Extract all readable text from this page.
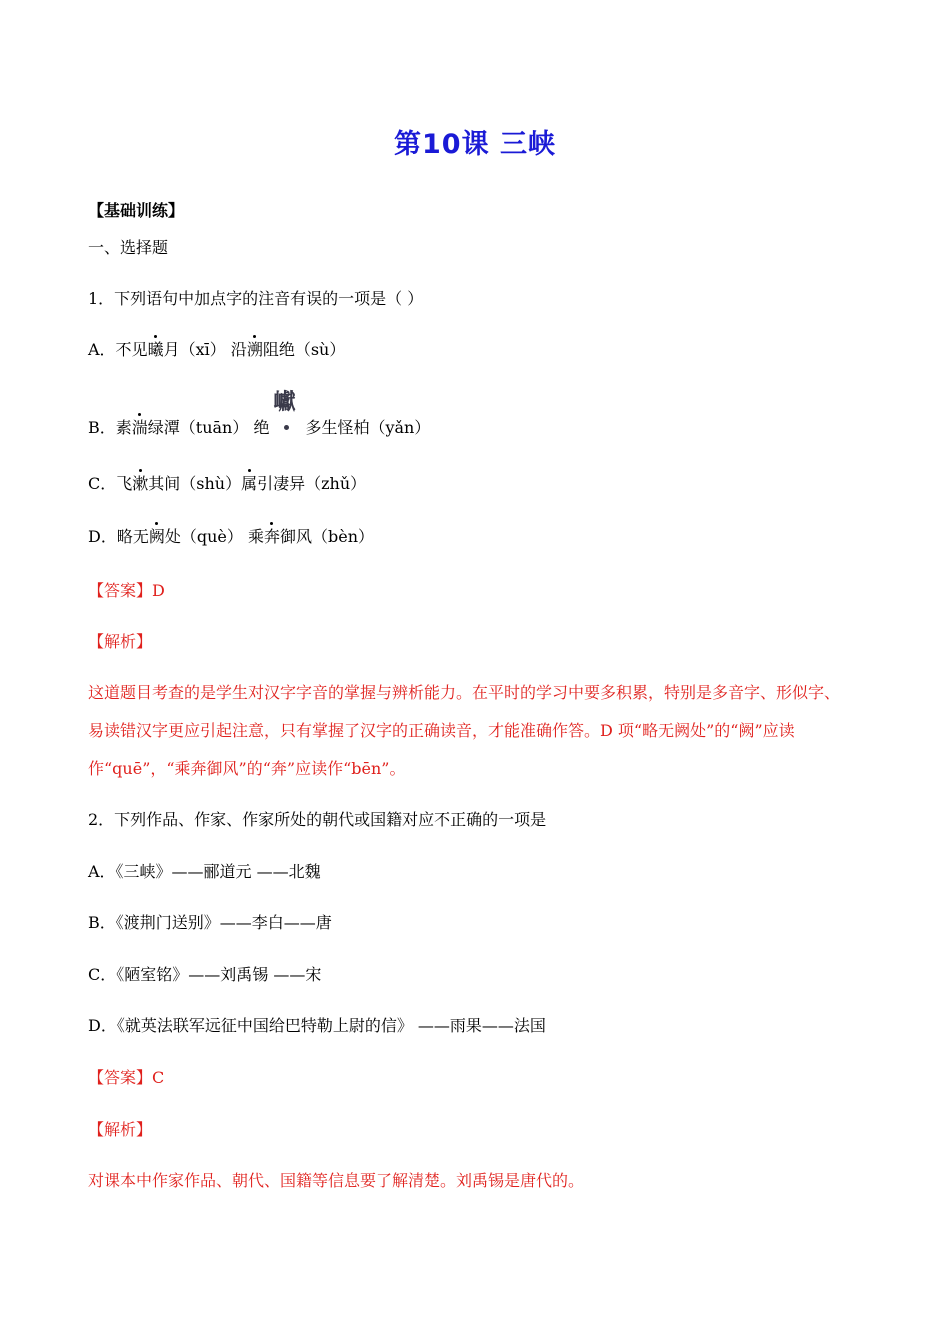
第10课 三峡
【基础训练】
一、选择题
1．下列语句中加点字的注音有误的一项是（ ）
A．不见曦月（xī） 沿溯阻绝（sù）
B．素湍绿潭（tuān） 绝
巘
多生怪柏（yǎn）
C．飞漱其间（shù）属引凄异（zhǔ）
D．略无阙处（què） 乘奔御风（bèn）
【答案】D
【解析】
这道题目考查的是学生对汉字字音的掌握与辨析能力。在平时的学习中要多积累，特别是多音字、形似字、
易读错汉字更应引起注意，只有掌握了汉字的正确读音，才能准确作答。D 项“略无阙处”的“阙”应读
作“quē”，“乘奔御风”的“奔”应读作“bēn”。
2．下列作品、作家、作家所处的朝代或国籍对应不正确的一项是
A．《三峡》——郦道元 ——北魏
B．《渡荆门送别》——李白——唐
C．《陋室铭》——刘禹锡 ——宋
D．《就英法联军远征中国给巴特勒上尉的信》 ——雨果——法国
【答案】C
【解析】
对课本中作家作品、朝代、国籍等信息要了解清楚。刘禹锡是唐代的。
